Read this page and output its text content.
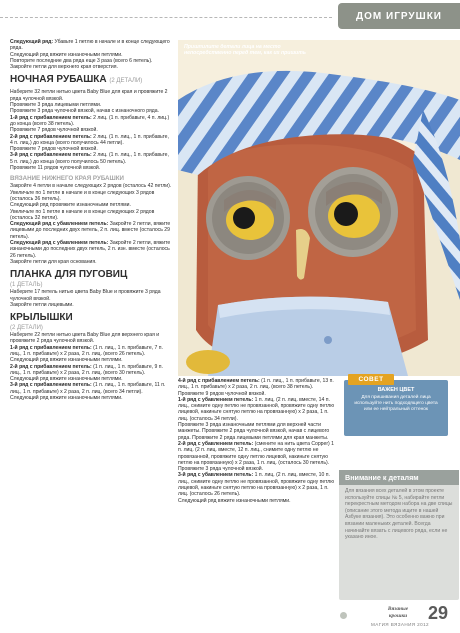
ДОМ ИГРУШКИ

Следующий ряд: Убавьте 1 петлю в начале и в конце следующего ряда.

Следующий ряд вяжите изнаночными петлями.

Повторите последние два ряда еще 3 раза (всего 6 петель).

Закройте петли для верхнего края отверстия.

НОЧНАЯ РУБАШКА (2 ДЕТАЛИ)

Наберите 32 петли нитью цвета Baby Blue для края и провяжите 2 ряда чулочной вязкой.

Провяжите 3 ряда лицевыми петлями.

Провяжите 3 ряда чулочной вязкой, начав с изнаночного ряда.

1-й ряд с прибавлением петель: 2 лиц. (1 п. прибавьте, 4 п. лиц.) до конца (всего 38 петель).

Провяжите 7 рядов чулочной вязкой.

2-й ряд с прибавлением петель: 2 лиц. (1 п. лиц., 1 п. прибавьте, 4 п. лиц.) до конца (всего получилось 44 петли).

Провяжите 7 рядов чулочной вязкой.

3-й ряд с прибавлением петель: 2 лиц. (1 п. лиц., 1 п. прибавьте, 5 п. лиц.) до конца (всего получилось 50 петель).

Провяжите 11 рядов чулочной вязкой.

ВЯЗАНИЕ НИЖНЕГО КРАЯ РУБАШКИ

Закройте 4 петли в начале следующих 2 рядов (осталось 42 петли).

Увеличьте по 1 петле в начале и в конце следующих 3 рядов (осталось 36 петель).

Следующий ряд провяжите изнаночными петлями.

Увеличьте по 1 петле в начале и в конце следующих 2 рядов (осталось 32 петли).

Следующий ряд с убавлением петель: Закройте 2 петли, вяжите лицевыми до последних двух петель, 2 п. лиц. вместе (осталось 29 петель).

Следующий ряд с убавлением петель: Закройте 2 петли, вяжите изнаночными до последних двух петель, 2 п. изн. вместе (осталось 26 петель).

Закройте петли для края основания.

ПЛАНКА ДЛЯ ПУГОВИЦ

(1 ДЕТАЛЬ)

Наберите 17 петель нитью цвета Baby Blue и провяжите 3 ряда чулочной вязкой.

Закройте петли лицевыми.

КРЫЛЫШКИ

(2 ДЕТАЛИ)

Наберите 22 петли нитью цвета Baby Blue для верхнего края и провяжите 2 ряда чулочной вязкой.

1-й ряд с прибавлением петель: (1 п. лиц., 1 п. прибавьте, 7 п. лиц., 1 п. прибавьте) х 2 раза, 2 п. лиц. (всего 26 петель).

Следующий ряд вяжите изнаночными петлями.

2-й ряд с прибавлением петель: (1 п. лиц., 1 п. прибавьте, 9 п. лиц., 1 п. прибавьте) х 2 раза, 2 п. лиц. (всего 30 петель).

Следующий ряд вяжите изнаночными петлями.

3-й ряд с прибавлением петель: (1 п. лиц., 1 п. прибавьте, 11 п. лиц., 1 п. прибавьте) х 2 раза, 2 п. лиц. (всего 34 петли).

Следующий ряд вяжите изнаночными петлями.

Пришпилите детали лица на место непосредственно перед тем, как их пришить

4-й ряд с прибавлением петель: (1 п. лиц., 1 п. прибавьте, 13 п. лиц., 1 п. прибавьте) х 2 раза, 2 п. лиц. (всего 38 петель).

Провяжите 9 рядов чулочной вязкой.

1-й ряд с убавлением петель: 1 п. лиц. (2 п. лиц. вместе, 14 п. лиц., снимите одну петлю не провязанной, провяжите одну петлю лицевой, накиньте снятую петлю на провязанную) х 2 раза, 1 п. лиц. (осталось 34 петли).

Провяжите 3 ряда изнаночными петлями для верхней части манжеты. Провяжите 2 ряда чулочной вязкой, начав с лицевого ряда. Провяжите 2 ряда лицевыми петлями для края манжеты.

2-й ряд с убавлением петель: (смените на нить цвета Copper) 1 п. лиц. (2 п. лиц. вместе, 12 п. лиц., снимите одну петлю не провязанной, провяжите одну петлю лицевой, накиньте снятую петлю на провязанную) х 2 раза, 1 п. лиц. (осталось 30 петель).

Провяжите 3 ряда чулочной вязкой.

3-й ряд с убавлением петель: 1 п. лиц. (2 п. лиц. вместе, 10 п. лиц., снимите одну петлю не провязанной, провяжите одну петлю лицевой, накиньте снятую петлю на провязанную) х 2 раза, 1 п. лиц. (осталось 26 петель).

Следующий ряд вяжите изнаночными петлями.

ВАЖЕН ЦВЕТ
Для пришивания деталей лица используйте нить подходящего цвета или ее нейтральный оттенок
СОВЕТ
Внимание к деталям
Для вязания всех деталей в этом проекте используйте спицы № 5, набирайте петли перекрестным методом набора на две спицы (описание этого метода ищите в нашей Азбуке вязания). Это особенно важно при вязании маленьких деталей. Всегда начинайте вязать с лицевого ряда, если не указано иное.
Вязаные
крошки
МАГИЯ ВЯЗАНИЯ 2012
29
